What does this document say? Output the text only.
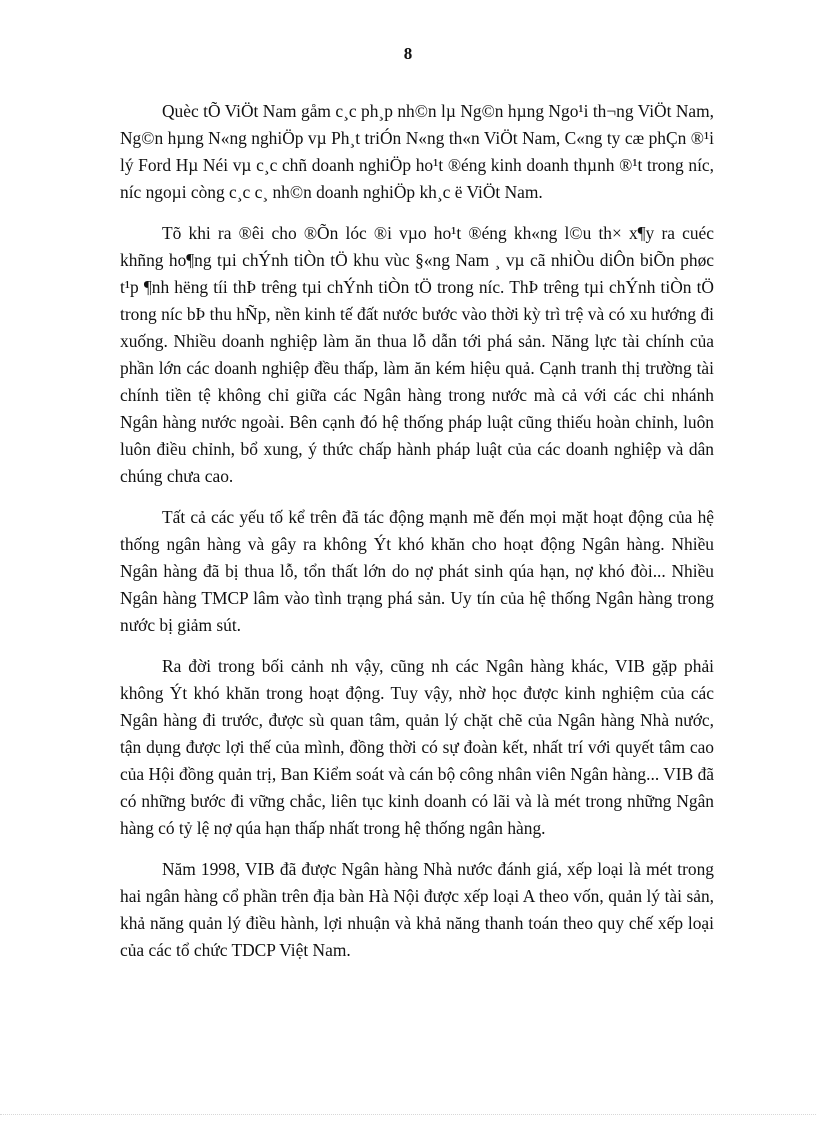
8

Quèc tÕ ViÖt Nam gåm c¸c ph¸p nh©n lµ Ng©n hµng Ngo¹i th¬ng ViÖt Nam, Ng©n hµng N«ng nghiÖp vµ Ph¸t triÓn N«ng th«n ViÖt Nam, C«ng ty cæ phÇn ®¹i lý Ford Hµ Néi vµ c¸c chñ doanh nghiÖp ho¹t ®éng kinh doanh thµnh ®¹t trong níc, níc ngoµi còng c¸c c¸ nh©n doanh nghiÖp kh¸c ë ViÖt Nam.

Tõ khi ra ®êi cho ®Õn lóc ®i vµo ho¹t ®éng kh«ng l©u th× x¶y ra cuéc khñng ho¶ng tµi chÝnh tiÒn tÖ khu vùc §«ng Nam ¸ vµ cã nhiÒu diÔn biÕn phøc t¹p ¶nh hëng tíi thÞ trêng tµi chÝnh tiÒn tÖ trong níc. ThÞ trêng tµi chÝnh tiÒn tÖ trong níc bÞ thu hÑp, nền kinh tế đất nước bước vào thời kỳ trì trệ và có xu hướng đi xuống. Nhiều doanh nghiệp làm ăn thua lỗ dẫn tới phá sản. Năng lực tài chính của phần lớn các doanh nghiệp đều thấp, làm ăn kém hiệu quả. Cạnh tranh thị trường tài chính tiền tệ không chỉ giữa các Ngân hàng trong nước mà cả với các chi nhánh Ngân hàng nước ngoài. Bên cạnh đó hệ thống pháp luật cũng thiếu hoàn chỉnh, luôn luôn điều chỉnh, bổ xung, ý thức chấp hành pháp luật của các doanh nghiệp và dân chúng chưa cao.

Tất cả các yếu tố kể trên đã tác động mạnh mẽ đến mọi mặt hoạt động của hệ thống ngân hàng và gây ra không Ýt khó khăn cho hoạt động Ngân hàng. Nhiều Ngân hàng đã bị thua lỗ, tổn thất lớn do nợ phát sinh qúa hạn, nợ khó đòi... Nhiều Ngân hàng TMCP lâm vào tình trạng phá sản. Uy tín của hệ thống Ngân hàng trong nước bị giảm sút.

Ra đời trong bối cảnh nh vậy, cũng nh các Ngân hàng khác, VIB gặp phải không Ýt khó khăn trong hoạt động. Tuy vậy, nhờ học được kinh nghiệm của các Ngân hàng đi trước, được sù quan tâm, quản lý chặt chẽ của Ngân hàng Nhà nước, tận dụng được lợi thế của mình, đồng thời có sự đoàn kết, nhất trí với quyết tâm cao của Hội đồng quản trị, Ban Kiểm soát và cán bộ công nhân viên Ngân hàng... VIB đã có những bước đi vững chắc, liên tục kinh doanh có lãi và là mét trong những Ngân hàng có tỷ lệ nợ qúa hạn thấp nhất trong hệ thống ngân hàng.

Năm 1998, VIB đã được Ngân hàng Nhà nước đánh giá, xếp loại là mét trong hai ngân hàng cổ phần trên địa bàn Hà Nội được xếp loại A theo vốn, quản lý tài sản, khả năng quản lý điều hành, lợi nhuận và khả năng thanh toán theo quy chế xếp loại của các tổ chức TDCP Việt Nam.
